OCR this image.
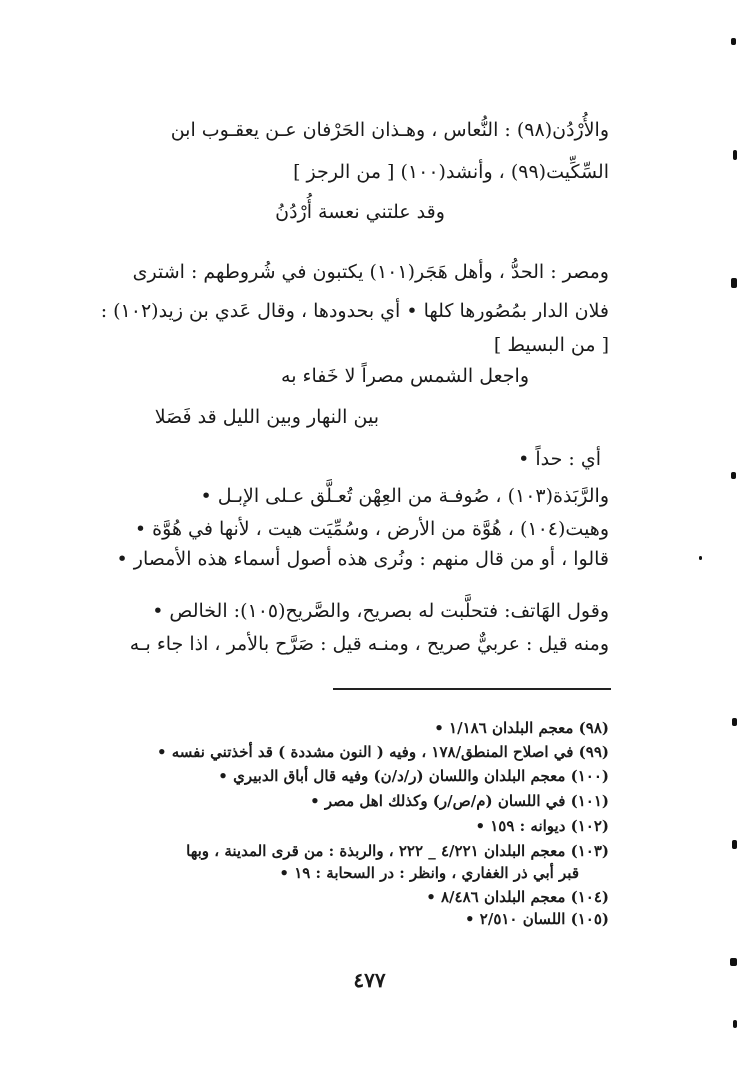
والأُرْدُن(٩٨) : النُّعاس ، وهـذان الحَرْفان عـن يعقـوب ابن
السِّكِّيت(٩٩) ، وأنشد(١٠٠) [ من الرجز ]
وقد علتني نعسة أُرْدُنُ
ومصر : الحدُّ ، وأهل هَجَر(١٠١) يكتبون في شُروطهم : اشترى
فلان الدار بمُصُورها كلها • أي بحدودها ، وقال عَدي بن زيد(١٠٢) :
[ من البسيط ]
واجعل الشمس مصراً لا خَفاء به
بين النهار وبين الليل قد فَصَلا
أي : حداً •
والرَّبَذة(١٠٣) ، صُوفـة من العِهْن تُعـلَّق عـلى الإبـل •
وهيت(١٠٤) ، هُوَّة من الأرض ، وسُمِّيَت هيت ، لأنها في هُوَّة •
قالوا ، أو من قال منهم : ونُرى هذه أصول أسماء هذه الأمصار •
وقول الهَاتف: فتحلَّبت له بصريح، والصَّريح(١٠٥): الخالص •
ومنه قيل : عربيٌّ صريح ، ومنـه قيل : صَرَّح بالأمر ، اذا جاء بـه
(٩٨) معجم البلدان ١/١٨٦ •
(٩٩) في اصلاح المنطق/١٧٨ ، وفيه ( النون مشددة ) قد أخذتني نفسه •
(١٠٠) معجم البلدان واللسان (ر/د/ن) وفيه قال أباق الدبيري •
(١٠١) في اللسان (م/ص/ر) وكذلك اهل مصر •
(١٠٢) ديوانه : ١٥٩ •
(١٠٣) معجم البلدان ٤/٢٢١ _ ٢٢٢ ، والربذة : من قرى المدينة ، وبها
قبر أبي ذر الغفاري ، وانظر : در السحابة : ١٩ •
(١٠٤) معجم البلدان ٨/٤٨٦ •
(١٠٥) اللسان ٢/٥١٠ •
٤٧٧
